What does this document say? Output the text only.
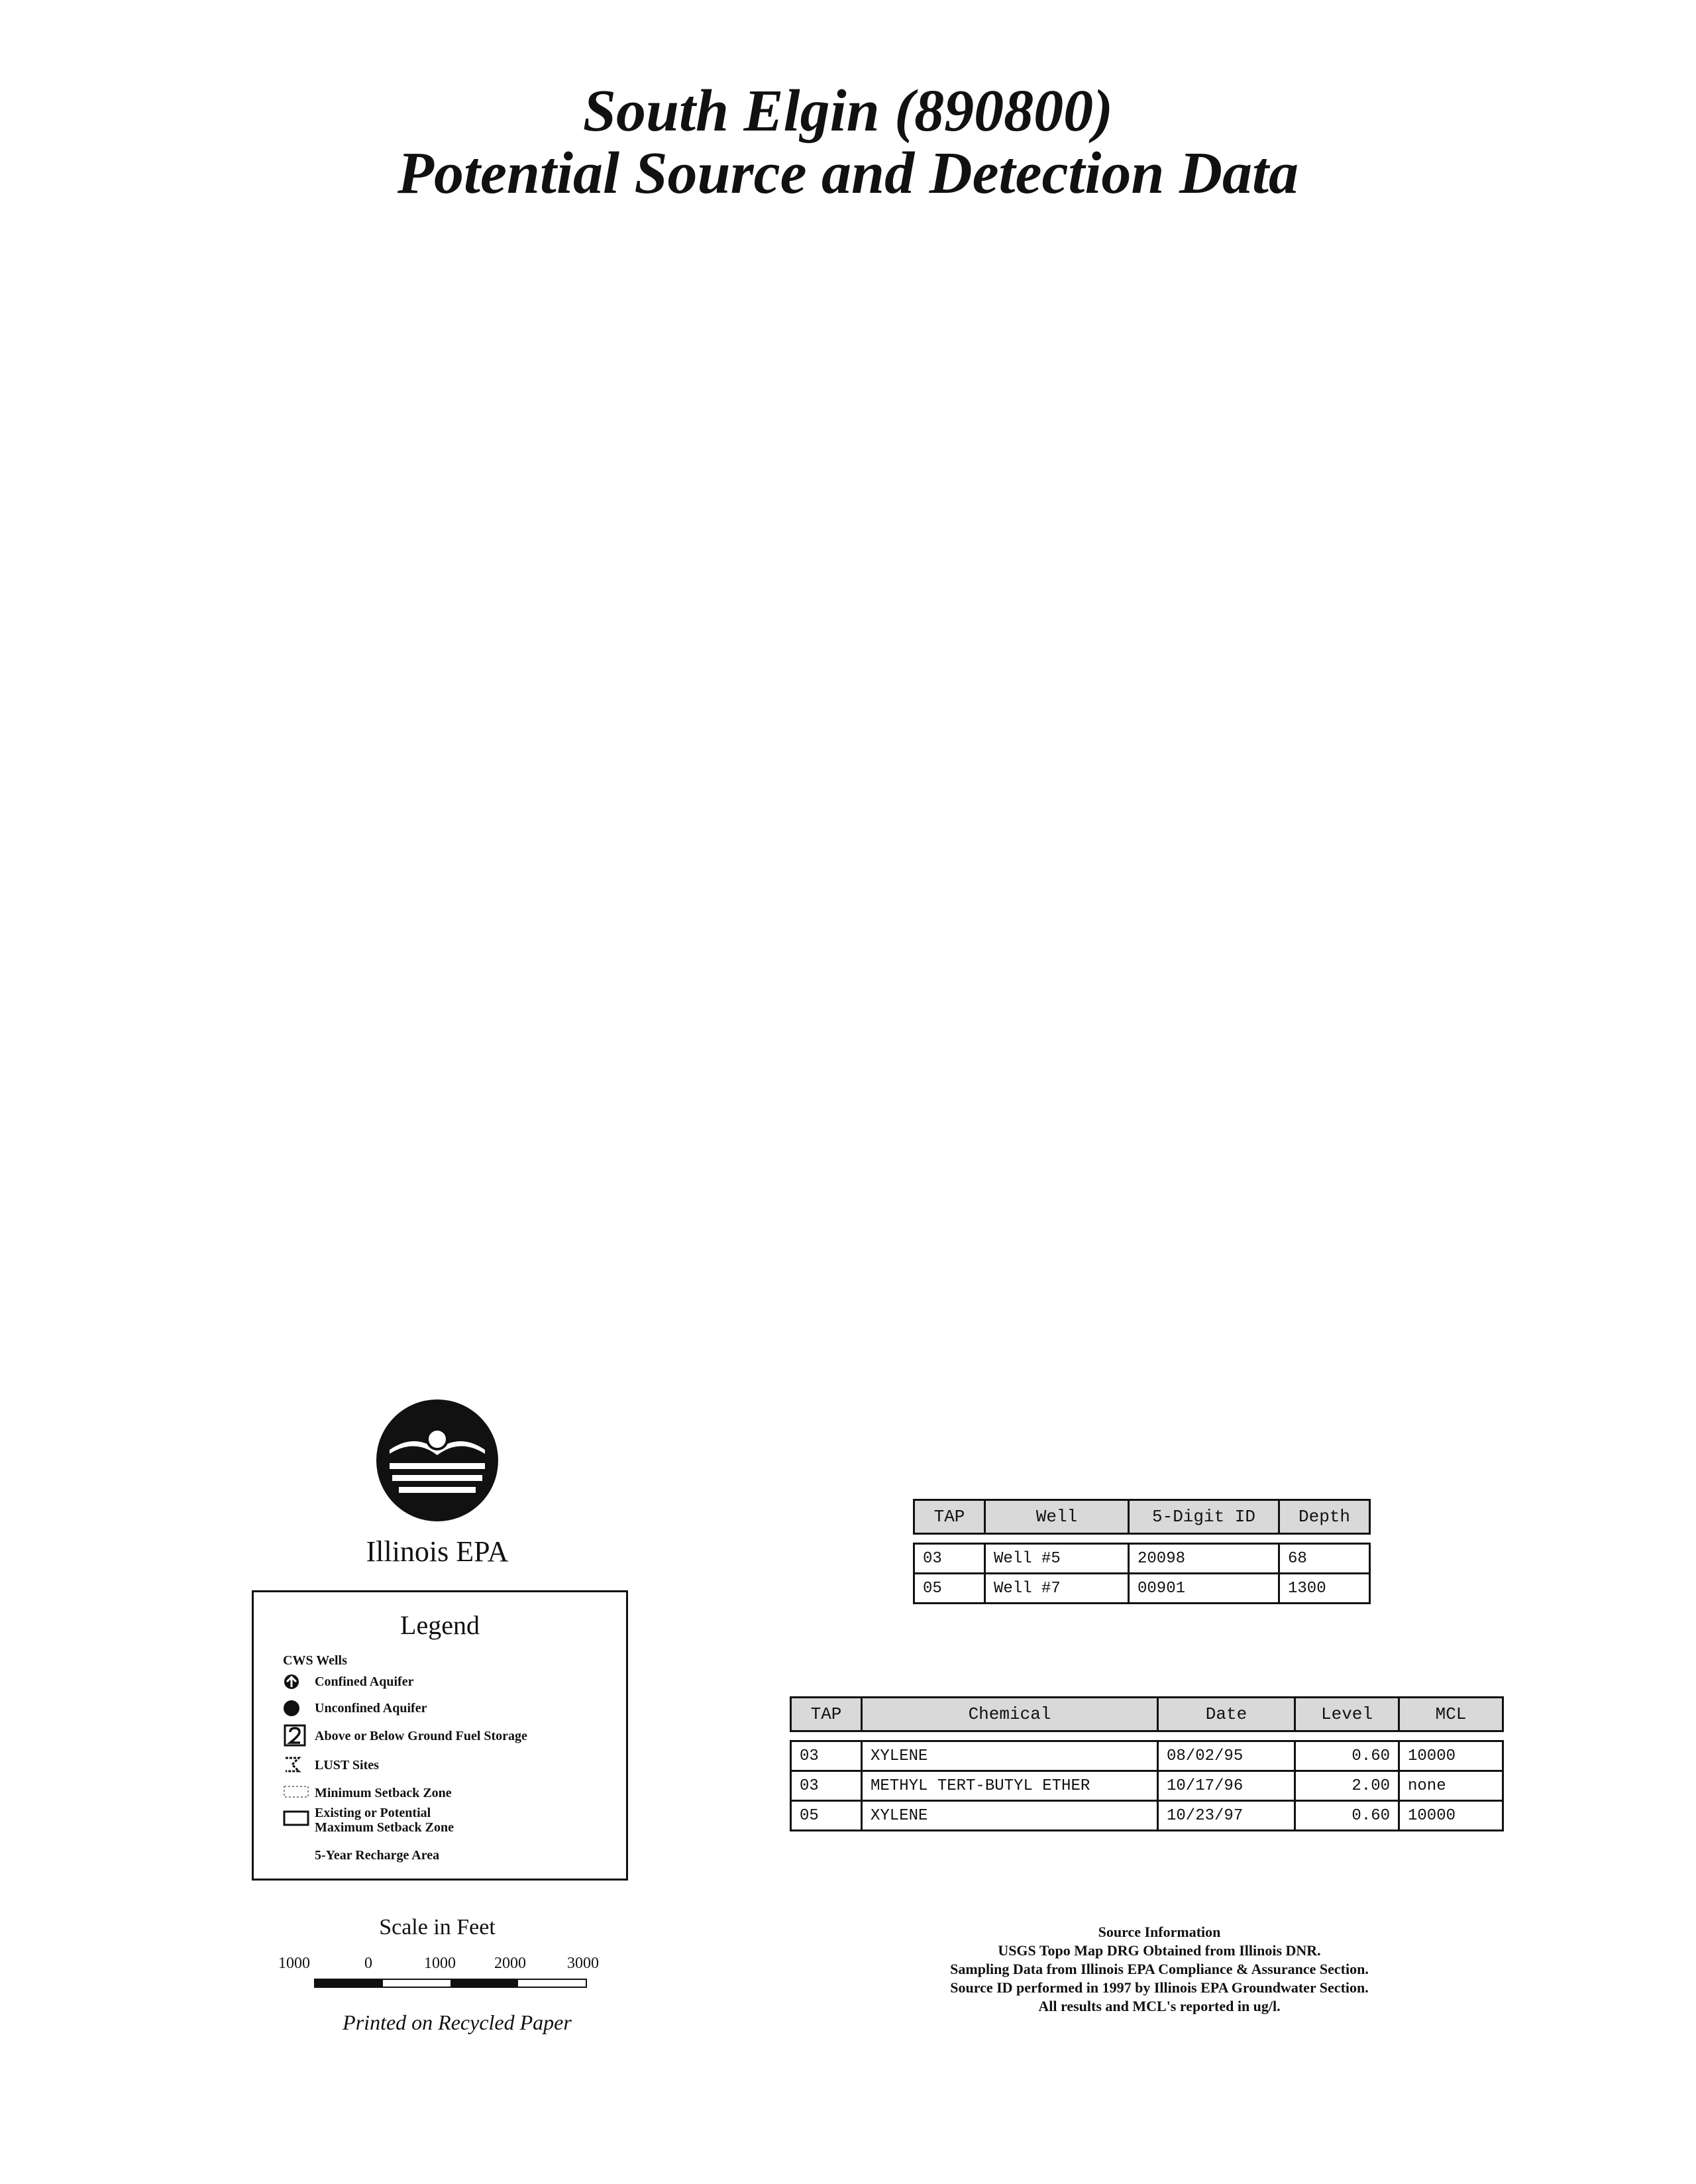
South Elgin (890800)
Potential Source and Detection Data
Illinois EPA
Legend
CWS Wells
Confined Aquifer
Unconfined Aquifer
Above or Below Ground Fuel Storage
LUST Sites
Minimum Setback Zone
Existing or Potential
Maximum Setback Zone
5-Year Recharge Area
Scale in Feet
1000	0	1000 2000	3000
Printed on Recycled Paper
TAP	Well	5-Digit ID	Depth

03	Well #5	20098	68
05	Well #7	00901	1300
TAP	Chemical	Date	Level	MCL

03	XYLENE	08/02/95	0.60	10000
03	METHYL TERT-BUTYL ETHER	10/17/96	2.00	none
05	XYLENE	10/23/97	0.60	10000
Source Information
USGS Topo Map DRG Obtained from Illinois DNR.
Sampling Data from Illinois EPA Compliance & Assurance Section.
Source ID performed in 1997 by Illinois EPA Groundwater Section.
All results and MCL's reported in ug/l.
